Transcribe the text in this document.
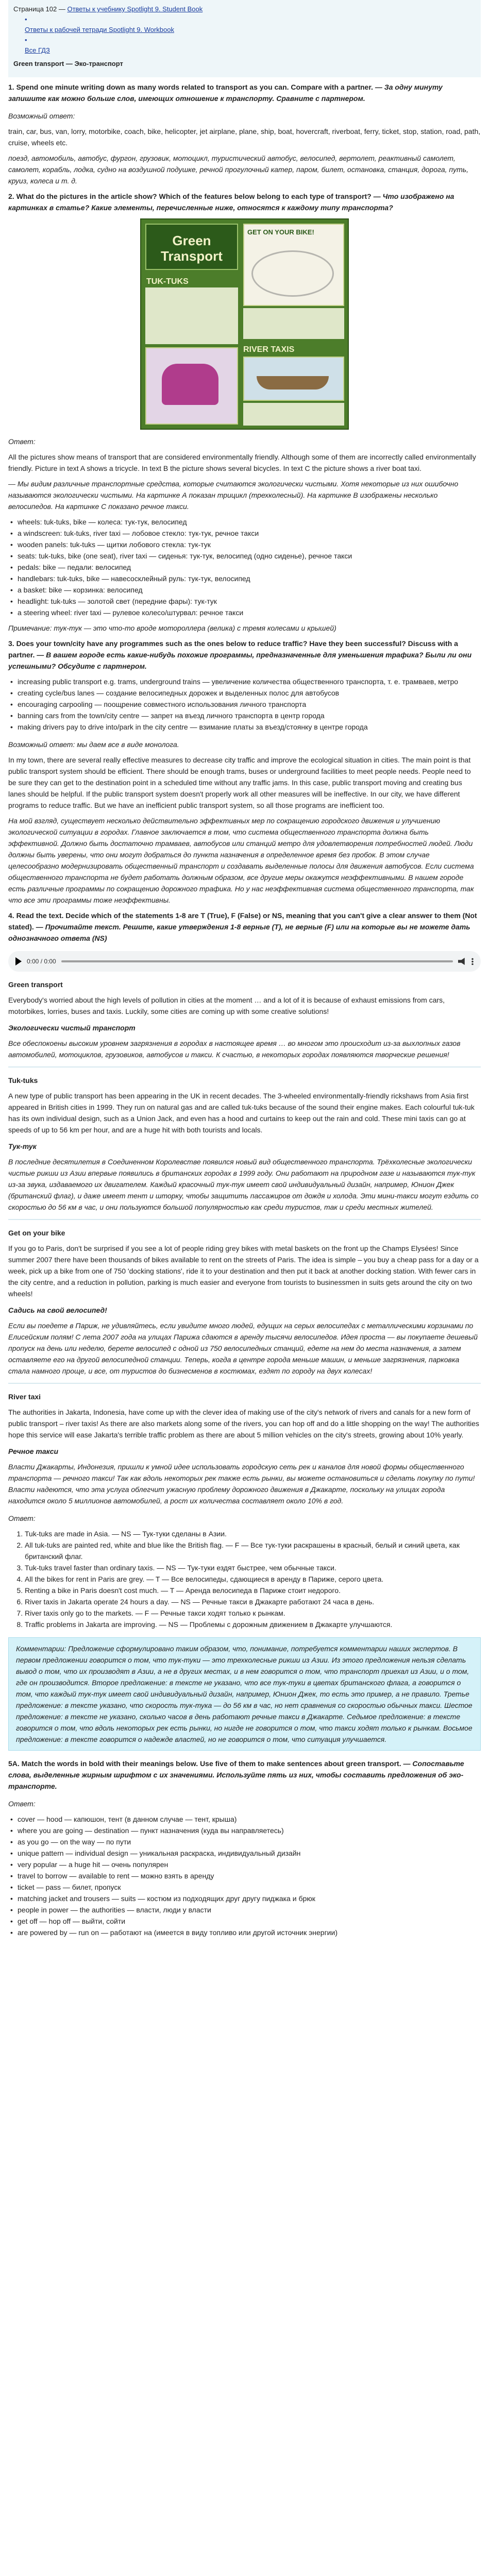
Страница 102 — Ответы к учебнику Spotlight 9. Student Book
• Ответы к рабочей тетради Spotlight 9. Workbook
• Все ГДЗ
Green transport — Эко-транспорт

1. Spend one minute writing down as many words related to transport as you can. Compare with a partner. — За одну минуту запишите как можно больше слов, имеющих отношение к транспорту. Сравните с партнером.

Возможный ответ:

train, car, bus, van, lorry, motorbike, coach, bike, helicopter, jet airplane, plane, ship, boat, hovercraft, riverboat, ferry, ticket, stop, station, road, path, cruise, wheels etc.

поезд, автомобиль, автобус, фургон, грузовик, мотоцикл, туристический автобус, велосипед, вертолет, реактивный самолет, самолет, корабль, лодка, судно на воздушной подушке, речной прогулочный катер, паром, билет, остановка, станция, дорога, путь, круиз, колеса и т. д.

2. What do the pictures in the article show? Which of the features below belong to each type of transport? — Что изображено на картинках в статье? Какие элементы, перечисленные ниже, относятся к каждому типу транспорта?

Green Transport
GET ON YOUR BIKE!
TUK-TUKS
RIVER TAXIS

Ответ:

All the pictures show means of transport that are considered environmentally friendly. Although some of them are incorrectly called environmentally friendly. Picture in text A shows a tricycle. In text B the picture shows several bicycles. In text C the picture shows a river boat taxi.

— Мы видим различные транспортные средства, которые считаются экологически чистыми. Хотя некоторые из них ошибочно называются экологически чистыми. На картинке А показан трицикл (трехколесный). На картинке В изображены несколько велосипедов. На картинке С показано речное такси.

• wheels: tuk-tuks, bike — колеса: тук-тук, велосипед
• a windscreen: tuk-tuks, river taxi — лобовое стекло: тук-тук, речное такси
• wooden panels: tuk-tuks — щитки лобового стекла: тук-тук
• seats: tuk-tuks, bike (one seat), river taxi — сиденья: тук-тук, велосипед (одно сиденье), речное такси
• pedals: bike — педали: велосипед
• handlebars: tuk-tuks, bike — навесосклейный руль: тук-тук, велосипед
• a basket: bike — корзинка: велосипед
• headlight: tuk-tuks — золотой свет (передние фары): тук-тук
• a steering wheel: river taxi — рулевое колесо/штурвал: речное такси

Примечание: тук-тук — это что-то вроде мотороллера (велика) с тремя колесами и крышей)

3. Does your town/city have any programmes such as the ones below to reduce traffic? Have they been successful? Discuss with a partner. — В вашем городе есть какие-нибудь похожие программы, предназначенные для уменьшения трафика? Были ли они успешными? Обсудите с партнером.

• increasing public transport e.g. trams, underground trains — увеличение количества общественного транспорта, т. е. трамваев, метро
• creating cycle/bus lanes — создание велосипедных дорожек и выделенных полос для автобусов
• encouraging carpooling — поощрение совместного использования личного транспорта
• banning cars from the town/city centre — запрет на въезд личного транспорта в центр города
• making drivers pay to drive into/park in the city centre — взимание платы за въезд/стоянку в центре города

Возможный ответ: мы даем все в виде монолога.

In my town, there are several really effective measures to decrease city traffic and improve the ecological situation in cities. The main point is that public transport system should be efficient. There should be enough trams, buses or underground facilities to meet people needs. People need to be sure they can get to the destination point in a scheduled time without any traffic jams. In this case, public transport moving and creating bus lanes should be helpful. If the public transport system doesn't properly work all other measures will be ineffective. In our city, we have different programs to reduce traffic. But we have an inefficient public transport system, so all those programs are inefficient too.

На мой взгляд, существует несколько действительно эффективных мер по сокращению городского движения и улучшению экологической ситуации в городах. Главное заключается в том, что система общественного транспорта должна быть эффективной. Должно быть достаточно трамваев, автобусов или станций метро для удовлетворения потребностей людей. Люди должны быть уверены, что они могут добраться до пункта назначения в определенное время без пробок. В этом случае целесообразно модернизировать общественный транспорт и создавать выделенные полосы для движения автобусов. Если система общественного транспорта не будет работать должным образом, все другие меры окажутся неэффективными. В нашем городе есть различные программы по сокращению дорожного трафика. Но у нас неэффективная система общественного транспорта, так что все эти программы тоже неэффективны.

4. Read the text. Decide which of the statements 1-8 are T (True), F (False) or NS, meaning that you can't give a clear answer to them (Not stated). — Прочитайте текст. Решите, какие утверждения 1-8 верные (T), не верные (F) или на которые вы не можете дать однозначного ответа (NS)

0:00 / 0:00
Green transport

Everybody's worried about the high levels of pollution in cities at the moment … and a lot of it is because of exhaust emissions from cars, motorbikes, lorries, buses and taxis. Luckily, some cities are coming up with some creative solutions!

Экологически чистый транспорт

Все обеспокоены высоким уровнем загрязнения в городах в настоящее время … во многом это происходит из-за выхлопных газов автомобилей, мотоциклов, грузовиков, автобусов и такси. К счастью, в некоторых городах появляются творческие решения!

Tuk-tuks

A new type of public transport has been appearing in the UK in recent decades. The 3-wheeled environmentally-friendly rickshaws from Asia first appeared in British cities in 1999. They run on natural gas and are called tuk-tuks because of the sound their engine makes. Each colourful tuk-tuk has its own individual design, such as a Union Jack, and even has a hood and curtains to keep out the rain and cold. These mini taxis can go at speeds of up to 56 km per hour, and are a huge hit with both tourists and locals.

Тук-тук

В последние десятилетия в Соединенном Королевстве появился новый вид общественного транспорта. Трёхколесные экологически чистые рикши из Азии впервые появились в британских городах в 1999 году. Они работают на природном газе и называются тук-тук из-за звука, издаваемого их двигателем. Каждый красочный тук-тук имеет свой индивидуальный дизайн, например, Юнион Джек (британский флаг), и даже имеет тент и шторку, чтобы защитить пассажиров от дождя и холода. Эти мини-такси могут ездить со скоростью до 56 км в час, и они пользуются большой популярностью как среди туристов, так и среди местных жителей.

Get on your bike

If you go to Paris, don't be surprised if you see a lot of people riding grey bikes with metal baskets on the front up the Champs Elysées! Since summer 2007 there have been thousands of bikes available to rent on the streets of Paris. The idea is simple – you buy a cheap pass for a day or a week, pick up a bike from one of 750 'docking stations', ride it to your destination and then put it back at another docking station. With fewer cars in the city centre, and a reduction in pollution, parking is much easier and everyone from tourists to businessmen in suits gets around the city on two wheels!

Садись на свой велосипед!

Если вы поедете в Париж, не удивляйтесь, если увидите много людей, едущих на серых велосипедах с металлическими корзинами по Елисейским полям! С лета 2007 года на улицах Парижа сдаются в аренду тысячи велосипедов. Идея проста — вы покупаете дешевый пропуск на день или неделю, берете велосипед с одной из 750 велосипедных станций, едете на нем до места назначения, а затем оставляете его на другой велосипедной станции. Теперь, когда в центре города меньше машин, и меньше загрязнения, парковка стала намного проще, и все, от туристов до бизнесменов в костюмах, ездят по городу на двух колесах!

River taxi

The authorities in Jakarta, Indonesia, have come up with the clever idea of making use of the city's network of rivers and canals for a new form of public transport – river taxis! As there are also markets along some of the rivers, you can hop off and do a little shopping on the way! The authorities hope this service will ease Jakarta's terrible traffic problem as there are about 5 million vehicles on the city's streets, growing about 10% yearly.

Речное такси

Власти Джакарты, Индонезия, пришли к умной идее использовать городскую сеть рек и каналов для новой формы общественного транспорта — речного такси! Так как вдоль некоторых рек также есть рынки, вы можете остановиться и сделать покупку по пути! Власти надеются, что эта услуга облегчит ужасную проблему дорожного движения в Джакарте, поскольку на улицах города находится около 5 миллионов автомобилей, а рост их количества составляет около 10% в год.

Ответ:

1. Tuk-tuks are made in Asia. — NS — Тук-туки сделаны в Азии.
2. All tuk-tuks are painted red, white and blue like the British flag. — F — Все тук-туки раскрашены в красный, белый и синий цвета, как британский флаг.
3. Tuk-tuks travel faster than ordinary taxis. — NS — Тук-туки ездят быстрее, чем обычные такси.
4. All the bikes for rent in Paris are grey. — T — Все велосипеды, сдающиеся в аренду в Париже, серого цвета.
5. Renting a bike in Paris doesn't cost much. — T — Аренда велосипеда в Париже стоит недорого.
6. River taxis in Jakarta operate 24 hours a day. — NS — Речные такси в Джакарте работают 24 часа в день.
7. River taxis only go to the markets. — F — Речные такси ходят только к рынкам.
8. Traffic problems in Jakarta are improving. — NS — Проблемы с дорожным движением в Джакарте улучшаются.
Комментарии: Предложение сформулировано таким образом, что, понимание, потребуется комментарии наших экспертов. В первом предложении говорится о том, что тук-туки — это трехколесные рикши из Азии. Из этого предложения нельзя сделать вывод о том, что их производят в Азии, а не в других местах, и в нем говорится о том, что транспорт приехал из Азии, и о том, где он производится. Второе предложение: в тексте не указано, что все тук-туки в цветах британского флага, а говорится о том, что каждый тук-тук имеет свой индивидуальный дизайн, например, Юнион Джек, то есть это пример, а не правило. Третье предложение: в тексте указано, что скорость тук-тука — до 56 км в час, но нет сравнения со скоростью обычных такси. Шестое предложение: в тексте не указано, сколько часов в день работают речные такси в Джакарте. Седьмое предложение: в тексте говорится о том, что вдоль некоторых рек есть рынки, но нигде не говорится о том, что такси ходят только к рынкам. Восьмое предложение: в тексте говорится о надежде властей, но не говорится о том, что ситуация улучшается.

5A. Match the words in bold with their meanings below. Use five of them to make sentences about green transport. — Сопоставьте слова, выделенные жирным шрифтом с их значениями. Используйте пять из них, чтобы составить предложения об эко-транспорте.

Ответ:

• cover — hood — капюшон, тент (в данном случае — тент, крыша)
• where you are going — destination — пункт назначения (куда вы направляетесь)
• as you go — on the way — по пути
• unique pattern — individual design — уникальная раскраска, индивидуальный дизайн
• very popular — a huge hit — очень популярен
• travel to borrow — available to rent — можно взять в аренду
• ticket — pass — билет, пропуск
• matching jacket and trousers — suits — костюм из подходящих друг другу пиджака и брюк
• people in power — the authorities — власти, люди у власти
• get off — hop off — выйти, сойти
• are powered by — run on — работают на (имеется в виду топливо или другой источник энергии)
